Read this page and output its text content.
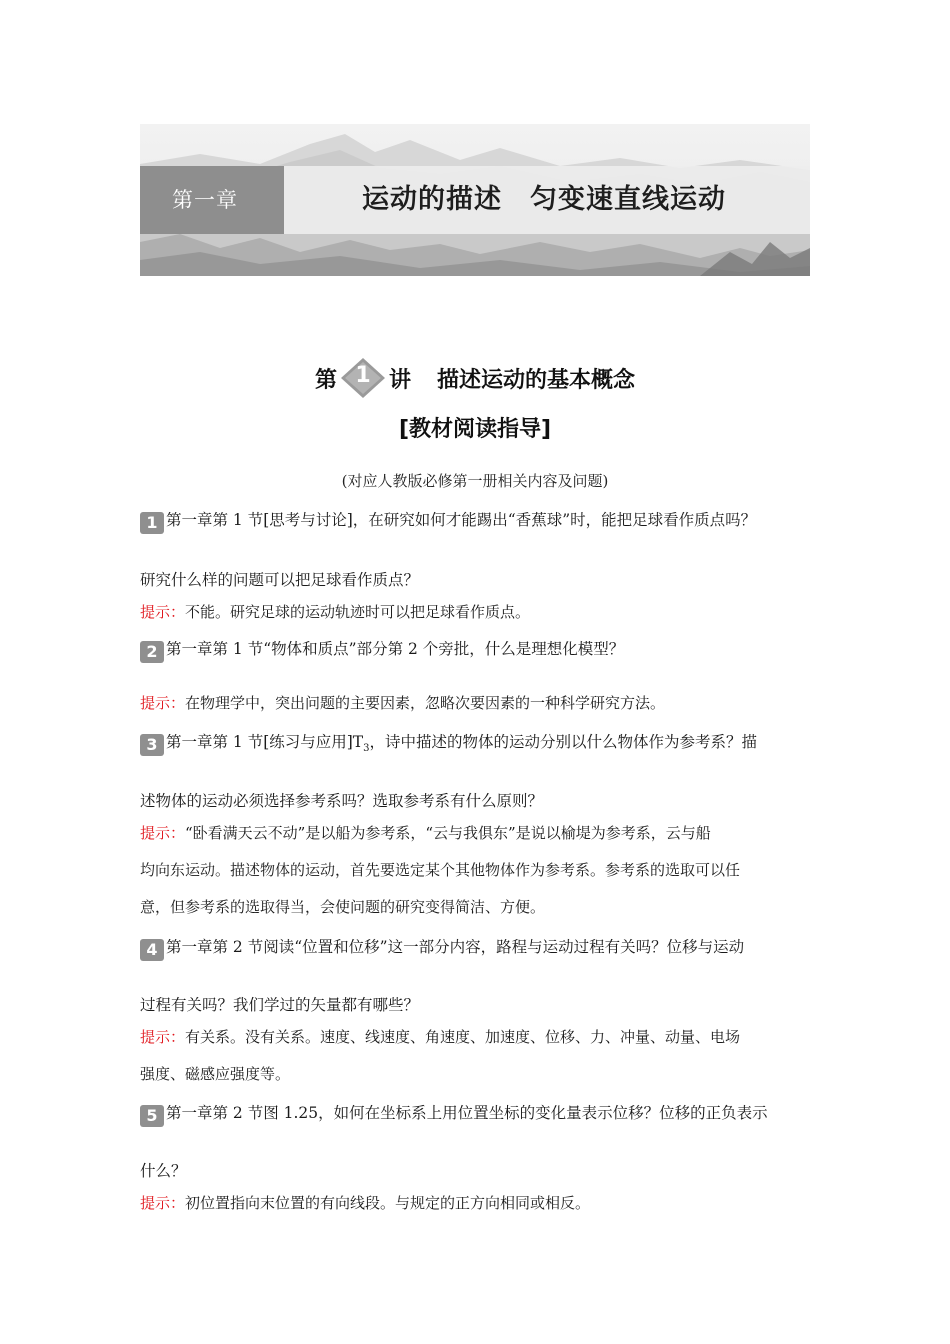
第一章	运动的描述　匀变速直线运动
第 1 讲 描述运动的基本概念
[教材阅读指导]
(对应人教版必修第一册相关内容及问题)
1 第一章第 1 节[思考与讨论]，在研究如何才能踢出“香蕉球”时，能把足球看作质点吗？
研究什么样的问题可以把足球看作质点？
提示：不能。研究足球的运动轨迹时可以把足球看作质点。
2 第一章第 1 节“物体和质点”部分第 2 个旁批，什么是理想化模型？
提示：在物理学中，突出问题的主要因素，忽略次要因素的一种科学研究方法。
3 第一章第 1 节[练习与应用]$T_3$，诗中描述的物体的运动分别以什么物体作为参考系？描
述物体的运动必须选择参考系吗？选取参考系有什么原则？
提示：“卧看满天云不动”是以船为参考系，“云与我俱东”是说以榆堤为参考系，云与船
均向东运动。描述物体的运动，首先要选定某个其他物体作为参考系。参考系的选取可以任
意，但参考系的选取得当，会使问题的研究变得简洁、方便。
4 第一章第 2 节阅读“位置和位移”这一部分内容，路程与运动过程有关吗？位移与运动
过程有关吗？我们学过的矢量都有哪些？
提示：有关系。没有关系。速度、线速度、角速度、加速度、位移、力、冲量、动量、电场
强度、磁感应强度等。
5 第一章第 2 节图 1.25，如何在坐标系上用位置坐标的变化量表示位移？位移的正负表示
什么？
提示：初位置指向末位置的有向线段。与规定的正方向相同或相反。
